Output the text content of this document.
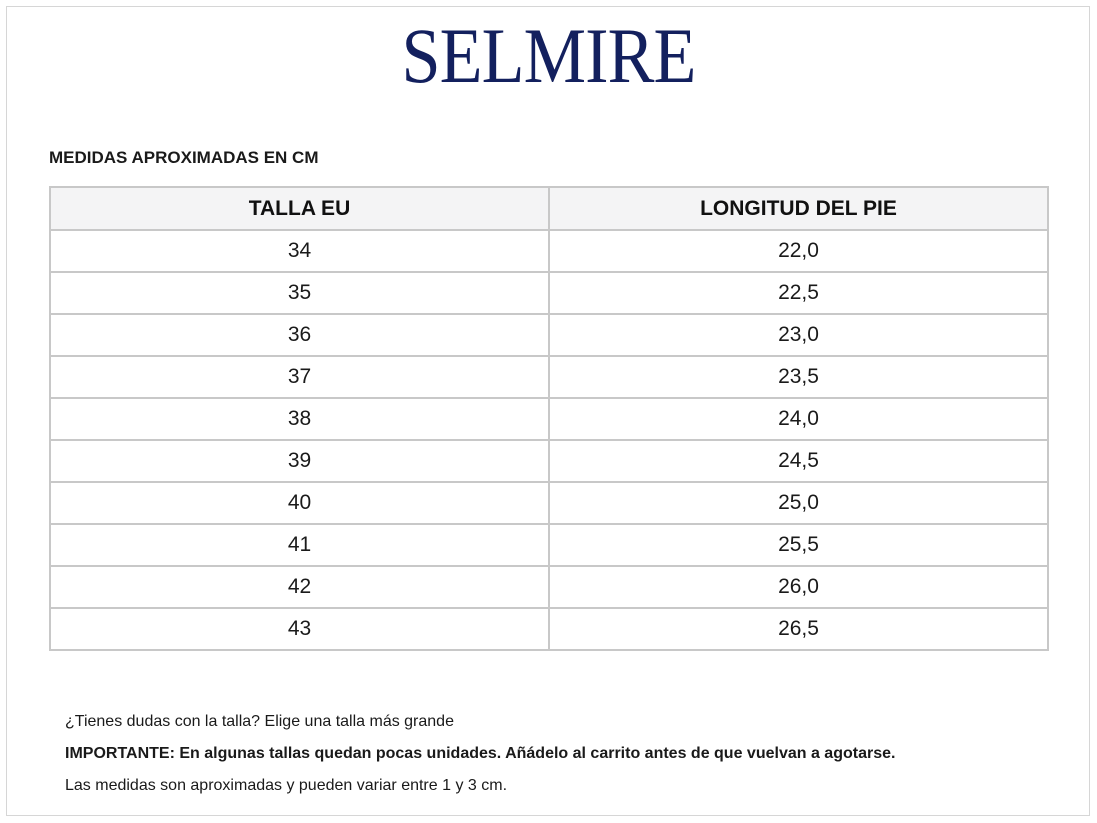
SELMIRE
MEDIDAS APROXIMADAS EN CM
TALLA EU	LONGITUD DEL PIE
34	22,0
35	22,5
36	23,0
37	23,5
38	24,0
39	24,5
40	25,0
41	25,5
42	26,0
43	26,5

¿Tienes dudas con la talla? Elige una talla más grande

IMPORTANTE: En algunas tallas quedan pocas unidades. Añádelo al carrito antes de que vuelvan a agotarse.

Las medidas son aproximadas y pueden variar entre 1 y 3 cm.
